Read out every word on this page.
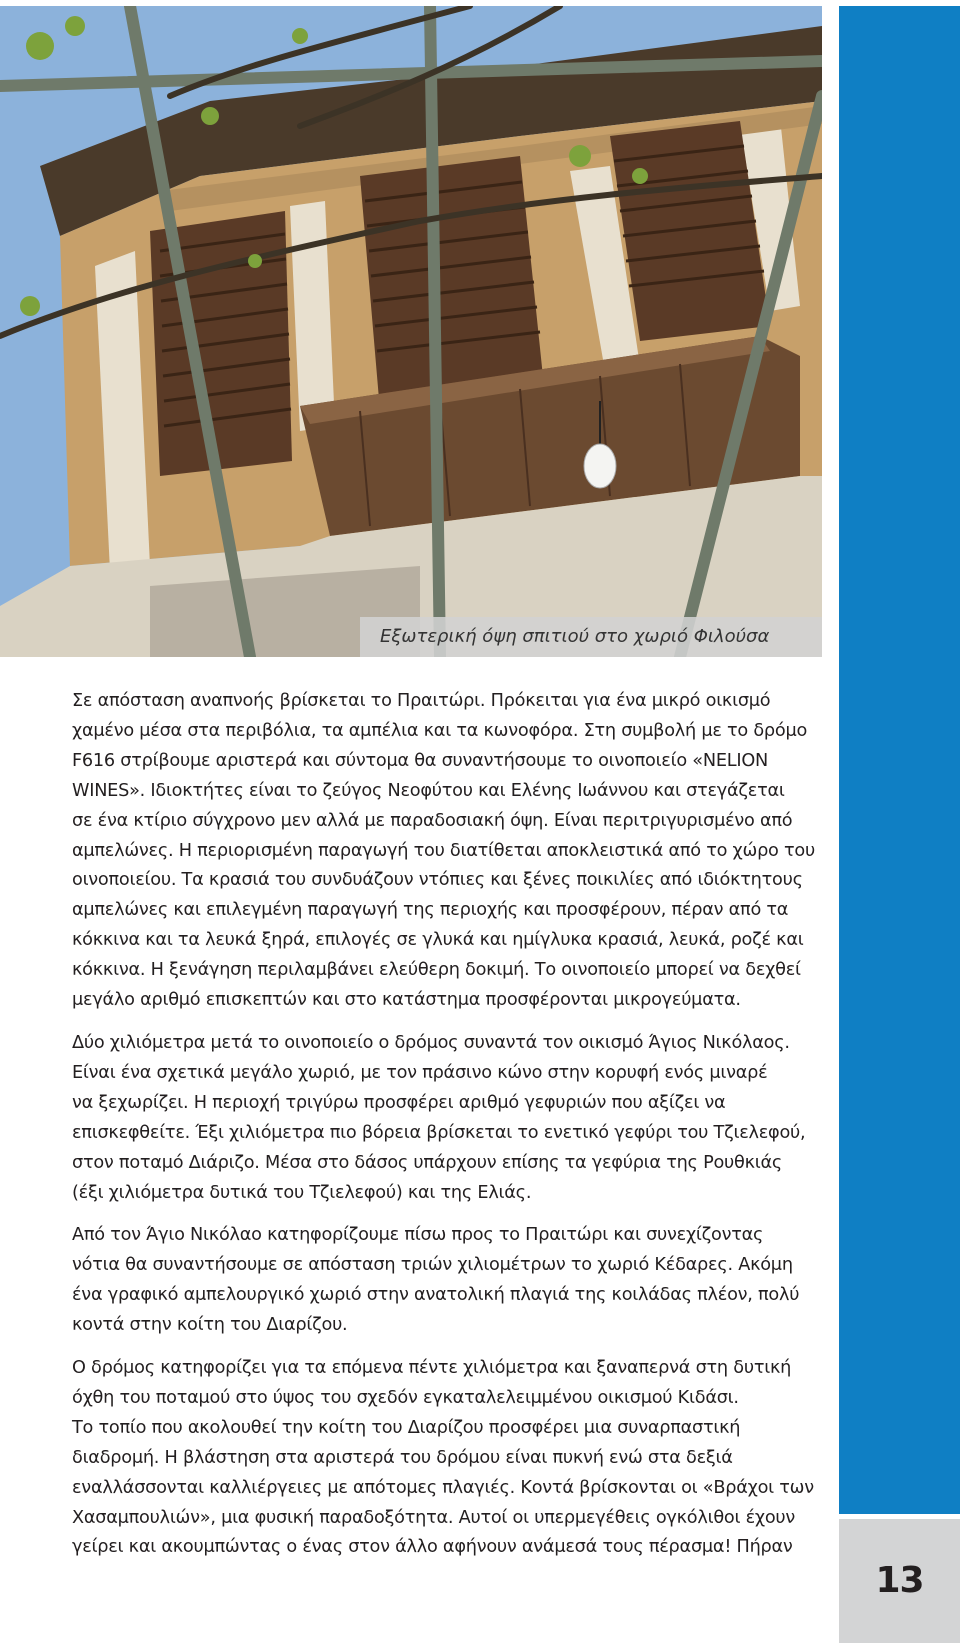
Εξωτερική όψη σπιτιού στο χωριό Φιλούσα
13

Σε απόσταση αναπνοής βρίσκεται το Πραιτώρι. Πρόκειται για ένα μικρό οικισμό
χαμένο μέσα στα περιβόλια, τα αμπέλια και τα κωνοφόρα. Στη συμβολή με το δρόμο
F616 στρίβουμε αριστερά και σύντομα θα συναντήσουμε το οινοποιείο «NELION
WINES». Ιδιοκτήτες είναι το ζεύγος Νεοφύτου και Ελένης Ιωάννου και στεγάζεται
σε ένα κτίριο σύγχρονο μεν αλλά με παραδοσιακή όψη. Είναι περιτριγυρισμένο από
αμπελώνες. Η περιορισμένη παραγωγή του διατίθεται αποκλειστικά από το χώρο του
οινοποιείου. Τα κρασιά του συνδυάζουν ντόπιες και ξένες ποικιλίες από ιδιόκτητους
αμπελώνες και επιλεγμένη παραγωγή της περιοχής και προσφέρουν, πέραν από τα
κόκκινα και τα λευκά ξηρά, επιλογές σε γλυκά και ημίγλυκα κρασιά, λευκά, ροζέ και
κόκκινα. Η ξενάγηση περιλαμβάνει ελεύθερη δοκιμή. Το οινοποιείο μπορεί να δεχθεί
μεγάλο αριθμό επισκεπτών και στο κατάστημα προσφέρονται μικρογεύματα.

Δύο χιλιόμετρα μετά το οινοποιείο ο δρόμος συναντά τον οικισμό Άγιος Νικόλαος.
Είναι ένα σχετικά μεγάλο χωριό, με τον πράσινο κώνο στην κορυφή ενός μιναρέ
να ξεχωρίζει. Η περιοχή τριγύρω προσφέρει αριθμό γεφυριών που αξίζει να
επισκεφθείτε. Έξι χιλιόμετρα πιο βόρεια βρίσκεται το ενετικό γεφύρι του Τζιελεφού,
στον ποταμό Διάριζο. Μέσα στο δάσος υπάρχουν επίσης τα γεφύρια της Ρουθκιάς
(έξι χιλιόμετρα δυτικά του Τζιελεφού) και της Ελιάς.

Από τον Άγιο Νικόλαο κατηφορίζουμε πίσω προς το Πραιτώρι και συνεχίζοντας
νότια θα συναντήσουμε σε απόσταση τριών χιλιομέτρων το χωριό Κέδαρες. Ακόμη
ένα γραφικό αμπελουργικό χωριό στην ανατολική πλαγιά της κοιλάδας πλέον, πολύ
κοντά στην κοίτη του Διαρίζου.

Ο δρόμος κατηφορίζει για τα επόμενα πέντε χιλιόμετρα και ξαναπερνά στη δυτική
όχθη του ποταμού στο ύψος του σχεδόν εγκαταλελειμμένου οικισμού Κιδάσι.
Το τοπίο που ακολουθεί την κοίτη του Διαρίζου προσφέρει μια συναρπαστική
διαδρομή. Η βλάστηση στα αριστερά του δρόμου είναι πυκνή ενώ στα δεξιά
εναλλάσσονται καλλιέργειες με απότομες πλαγιές. Κοντά βρίσκονται οι «Βράχοι των
Χασαμπουλιών», μια φυσική παραδοξότητα. Αυτοί οι υπερμεγέθεις ογκόλιθοι έχουν
γείρει και ακουμπώντας ο ένας στον άλλο αφήνουν ανάμεσά τους πέρασμα! Πήραν
